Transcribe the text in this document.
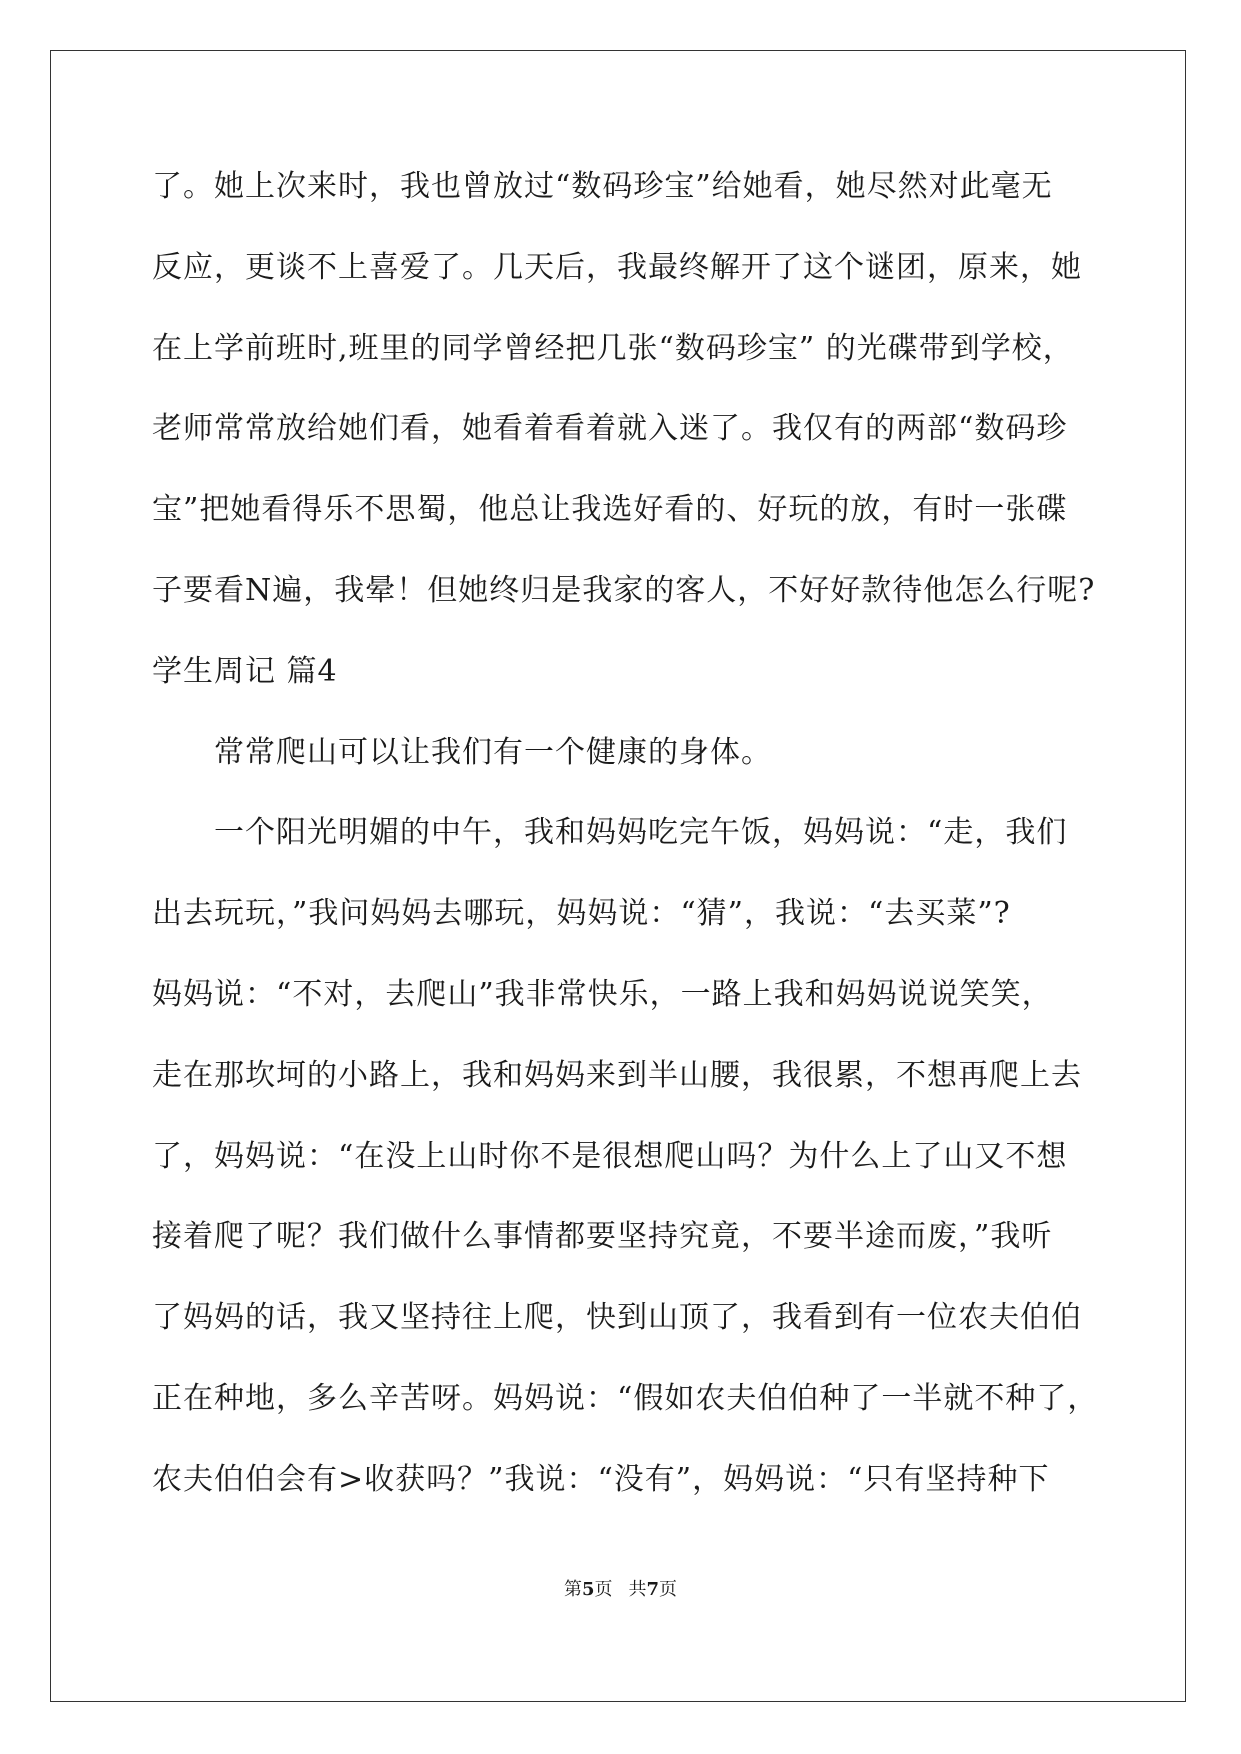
了。她上次来时，我也曾放过“数码珍宝”给她看，她尽然对此毫无
反应，更谈不上喜爱了。几天后，我最终解开了这个谜团，原来，她
在上学前班时,班里的同学曾经把几张“数码珍宝” 的光碟带到学校，
老师常常放给她们看，她看着看着就入迷了。我仅有的两部“数码珍
宝”把她看得乐不思蜀，他总让我选好看的、好玩的放，有时一张碟
子要看N遍，我晕！但她终归是我家的客人，不好好款待他怎么行呢?
学生周记 篇4
常常爬山可以让我们有一个健康的身体。
一个阳光明媚的中午，我和妈妈吃完午饭，妈妈说：“走，我们
出去玩玩，”我问妈妈去哪玩，妈妈说：“猜”，我说：“去买菜”?
妈妈说：“不对，去爬山”我非常快乐，一路上我和妈妈说说笑笑，
走在那坎坷的小路上，我和妈妈来到半山腰，我很累，不想再爬上去
了，妈妈说：“在没上山时你不是很想爬山吗？为什么上了山又不想
接着爬了呢？我们做什么事情都要坚持究竟，不要半途而废，”我听
了妈妈的话，我又坚持往上爬，快到山顶了，我看到有一位农夫伯伯
正在种地，多么辛苦呀。妈妈说：“假如农夫伯伯种了一半就不种了，
农夫伯伯会有>收获吗？”我说：“没有”，妈妈说：“只有坚持种下
第5页 共7页
